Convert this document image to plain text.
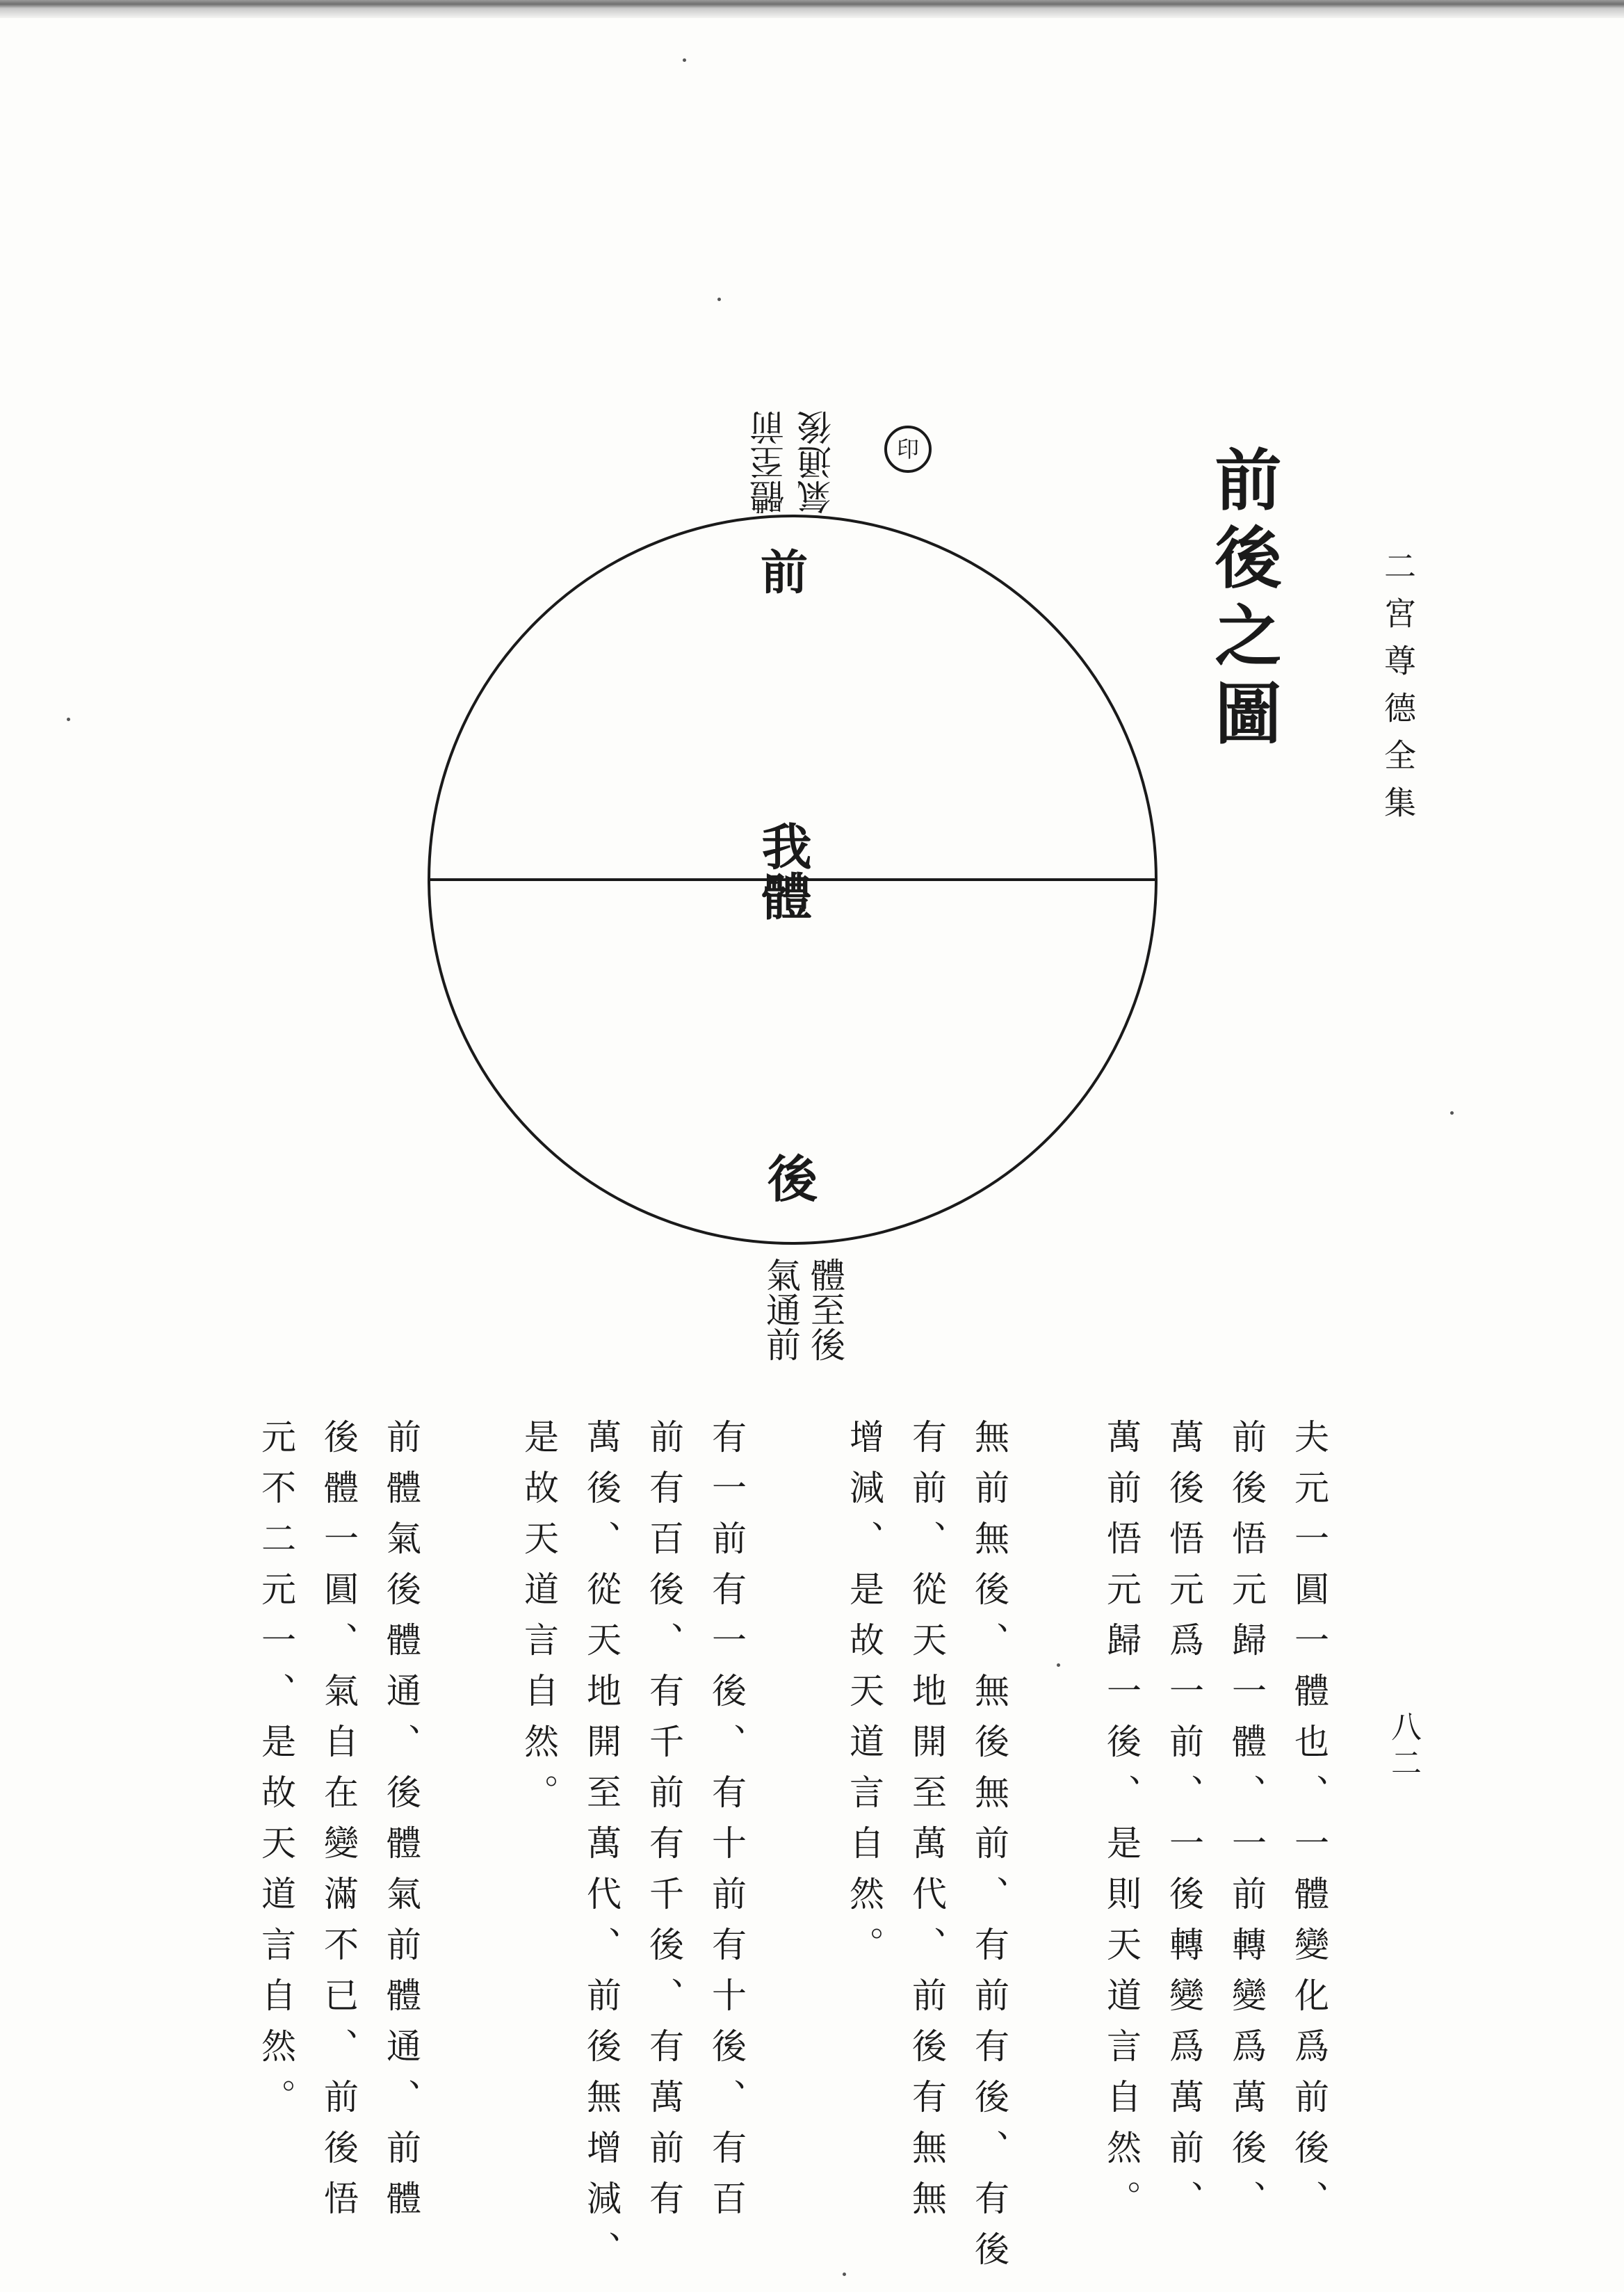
二宮尊德全集
八二
前後之圖
體至前 氣通後	印
前
我體
後
體至後
氣通前
夫元一圓一體也、一體變化爲前後、
前後悟元歸一體、一前轉變爲萬後、
萬後悟元爲一前、一後轉變爲萬前、
萬前悟元歸一後、是則天道言自然。
無前無後、無後無前、有前有後、有後
有前、從天地開至萬代、前後有無無
增減、是故天道言自然。
有一前有一後、有十前有十後、有百
前有百後、有千前有千後、有萬前有
萬後、從天地開至萬代、前後無增減、
是故天道言自然。
前體氣後體通、後體氣前體通、前體
後體一圓、氣自在變滿不已、前後悟
元不二元一、是故天道言自然。
